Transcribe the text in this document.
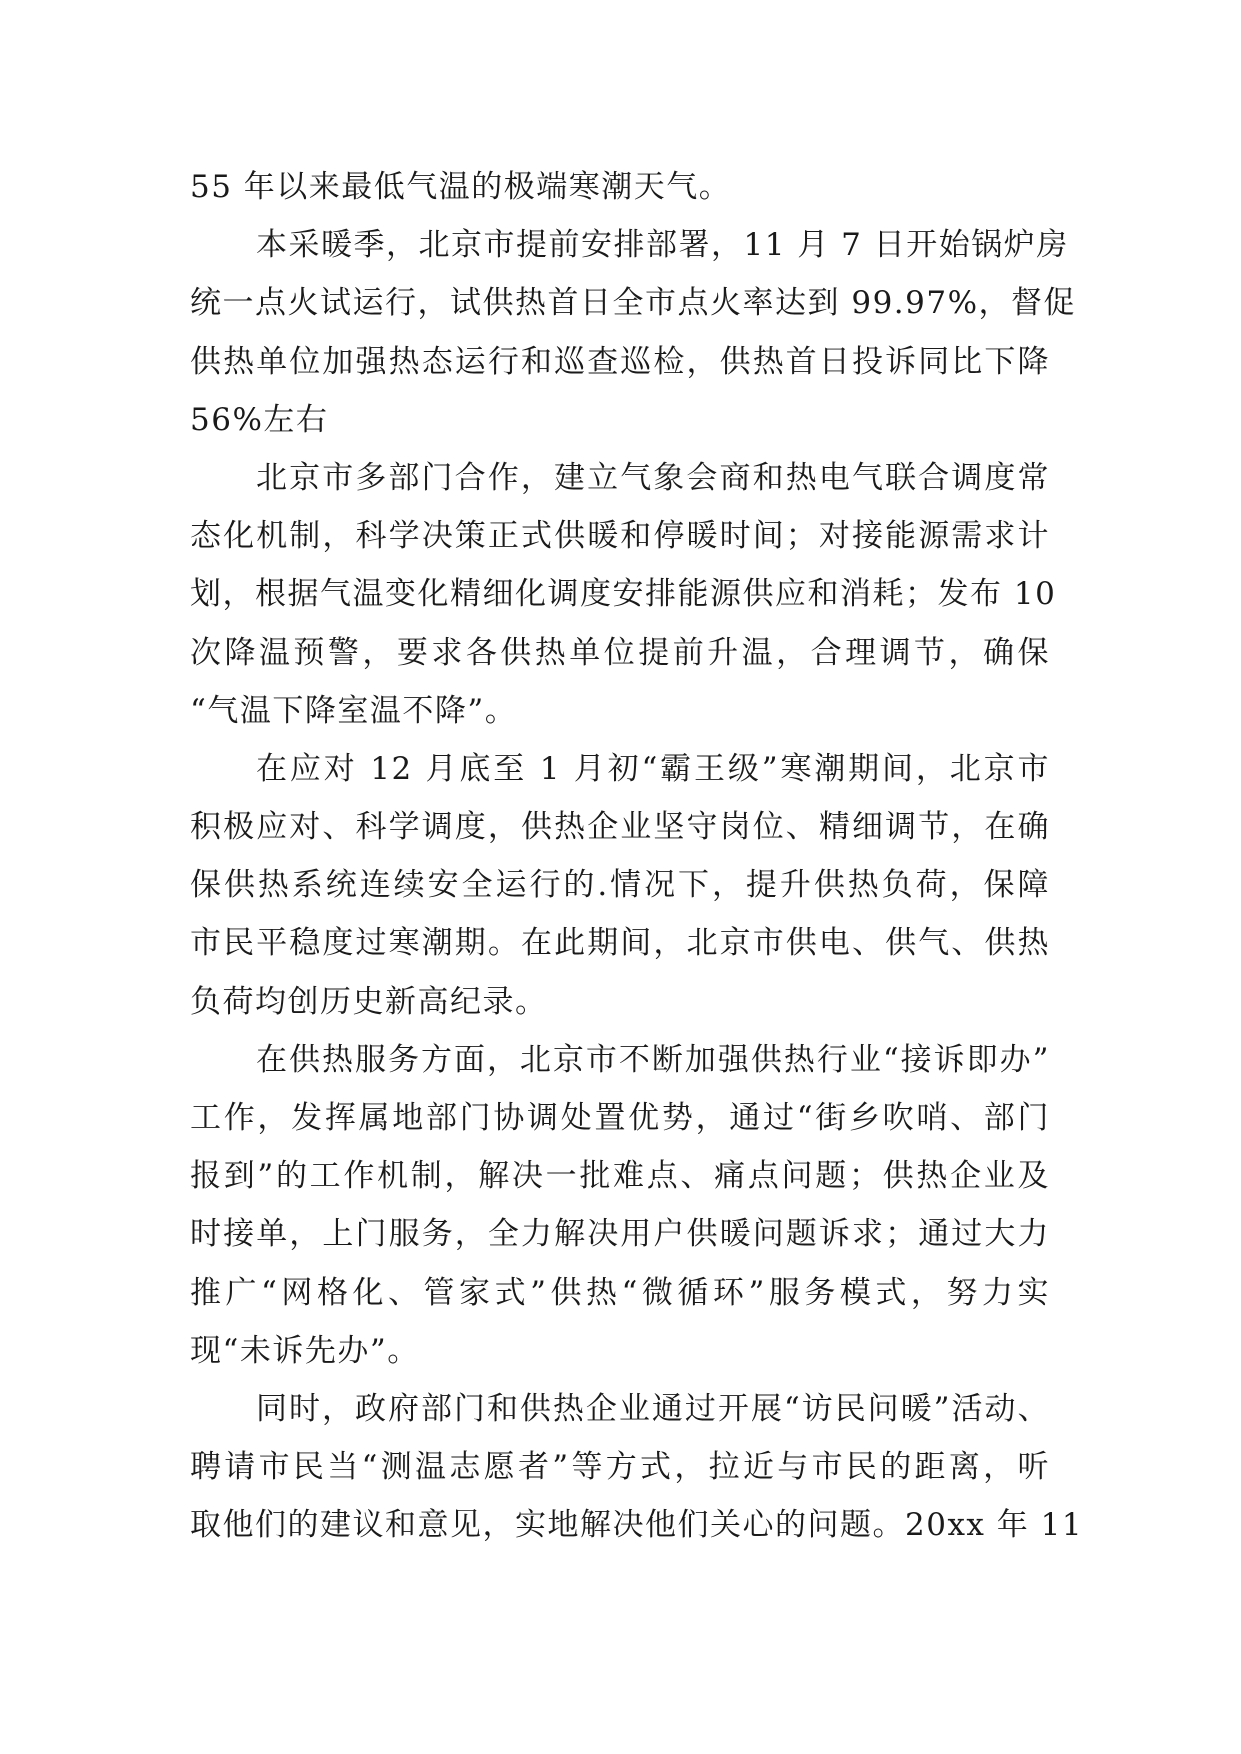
55 年以来最低气温的极端寒潮天气。
本采暖季，北京市提前安排部署，11 月 7 日开始锅炉房
统一点火试运行，试供热首日全市点火率达到 99.97%，督促
供热单位加强热态运行和巡查巡检，供热首日投诉同比下降
56%左右
北京市多部门合作，建立气象会商和热电气联合调度常
态化机制，科学决策正式供暖和停暖时间；对接能源需求计
划，根据气温变化精细化调度安排能源供应和消耗；发布 10
次降温预警，要求各供热单位提前升温，合理调节，确保
“气温下降室温不降”。
在应对 12 月底至 1 月初“霸王级”寒潮期间，北京市
积极应对、科学调度，供热企业坚守岗位、精细调节，在确
保供热系统连续安全运行的.情况下，提升供热负荷，保障
市民平稳度过寒潮期。在此期间，北京市供电、供气、供热
负荷均创历史新高纪录。
在供热服务方面，北京市不断加强供热行业“接诉即办”
工作，发挥属地部门协调处置优势，通过“街乡吹哨、部门
报到”的工作机制，解决一批难点、痛点问题；供热企业及
时接单，上门服务，全力解决用户供暖问题诉求；通过大力
推广“网格化、管家式”供热“微循环”服务模式，努力实
现“未诉先办”。
同时，政府部门和供热企业通过开展“访民问暖”活动、
聘请市民当“测温志愿者”等方式，拉近与市民的距离，听
取他们的建议和意见，实地解决他们关心的问题。20xx 年 11
